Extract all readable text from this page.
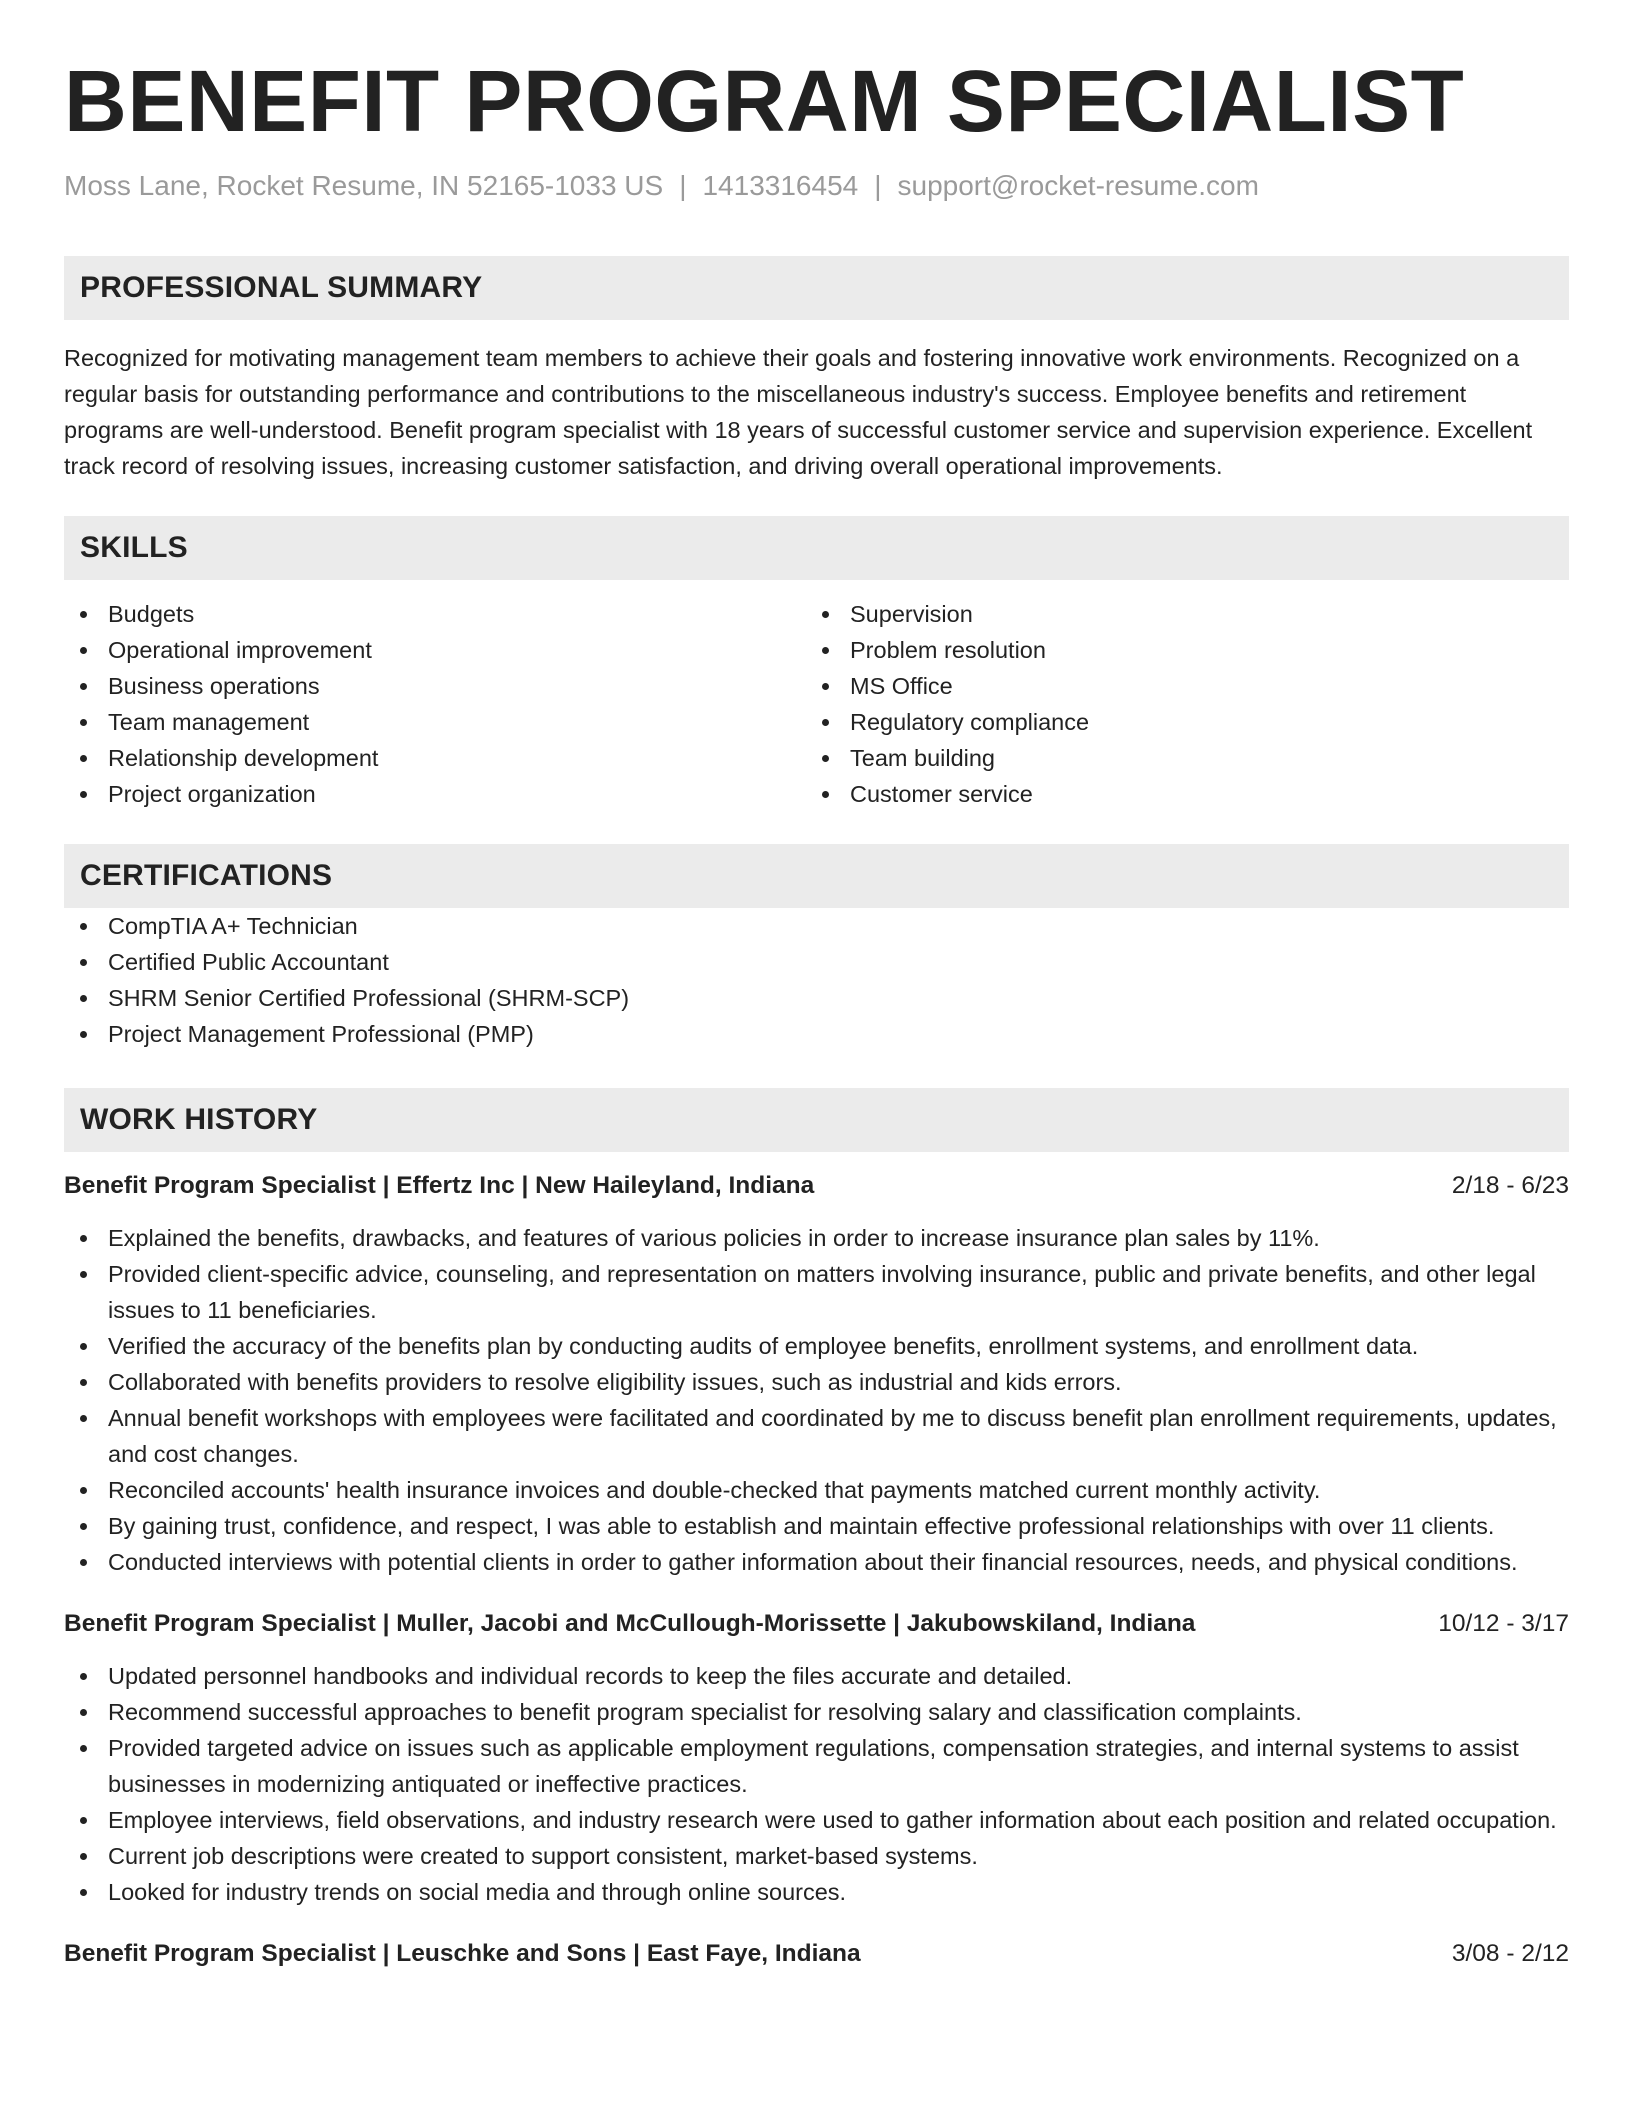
BENEFIT PROGRAM SPECIALIST
Moss Lane, Rocket Resume, IN 52165-1033 US | 1413316454 | support@rocket-resume.com
PROFESSIONAL SUMMARY

Recognized for motivating management team members to achieve their goals and fostering innovative work environments. Recognized on a regular basis for outstanding performance and contributions to the miscellaneous industry's success. Employee benefits and retirement programs are well-understood. Benefit program specialist with 18 years of successful customer service and supervision experience. Excellent track record of resolving issues, increasing customer satisfaction, and driving overall operational improvements.

SKILLS
Budgets
Operational improvement
Business operations
Team management
Relationship development
Project organization
Supervision
Problem resolution
MS Office
Regulatory compliance
Team building
Customer service
CERTIFICATIONS
CompTIA A+ Technician
Certified Public Accountant
SHRM Senior Certified Professional (SHRM-SCP)
Project Management Professional (PMP)
WORK HISTORY
Benefit Program Specialist | Effertz Inc | New Haileyland, Indiana	2/18 - 6/23
Explained the benefits, drawbacks, and features of various policies in order to increase insurance plan sales by 11%.
Provided client-specific advice, counseling, and representation on matters involving insurance, public and private benefits, and other legal issues to 11 beneficiaries.
Verified the accuracy of the benefits plan by conducting audits of employee benefits, enrollment systems, and enrollment data.
Collaborated with benefits providers to resolve eligibility issues, such as industrial and kids errors.
Annual benefit workshops with employees were facilitated and coordinated by me to discuss benefit plan enrollment requirements, updates, and cost changes.
Reconciled accounts' health insurance invoices and double-checked that payments matched current monthly activity.
By gaining trust, confidence, and respect, I was able to establish and maintain effective professional relationships with over 11 clients.
Conducted interviews with potential clients in order to gather information about their financial resources, needs, and physical conditions.
Benefit Program Specialist | Muller, Jacobi and McCullough-Morissette | Jakubowskiland, Indiana	10/12 - 3/17
Updated personnel handbooks and individual records to keep the files accurate and detailed.
Recommend successful approaches to benefit program specialist for resolving salary and classification complaints.
Provided targeted advice on issues such as applicable employment regulations, compensation strategies, and internal systems to assist businesses in modernizing antiquated or ineffective practices.
Employee interviews, field observations, and industry research were used to gather information about each position and related occupation.
Current job descriptions were created to support consistent, market-based systems.
Looked for industry trends on social media and through online sources.
Benefit Program Specialist | Leuschke and Sons | East Faye, Indiana	3/08 - 2/12
